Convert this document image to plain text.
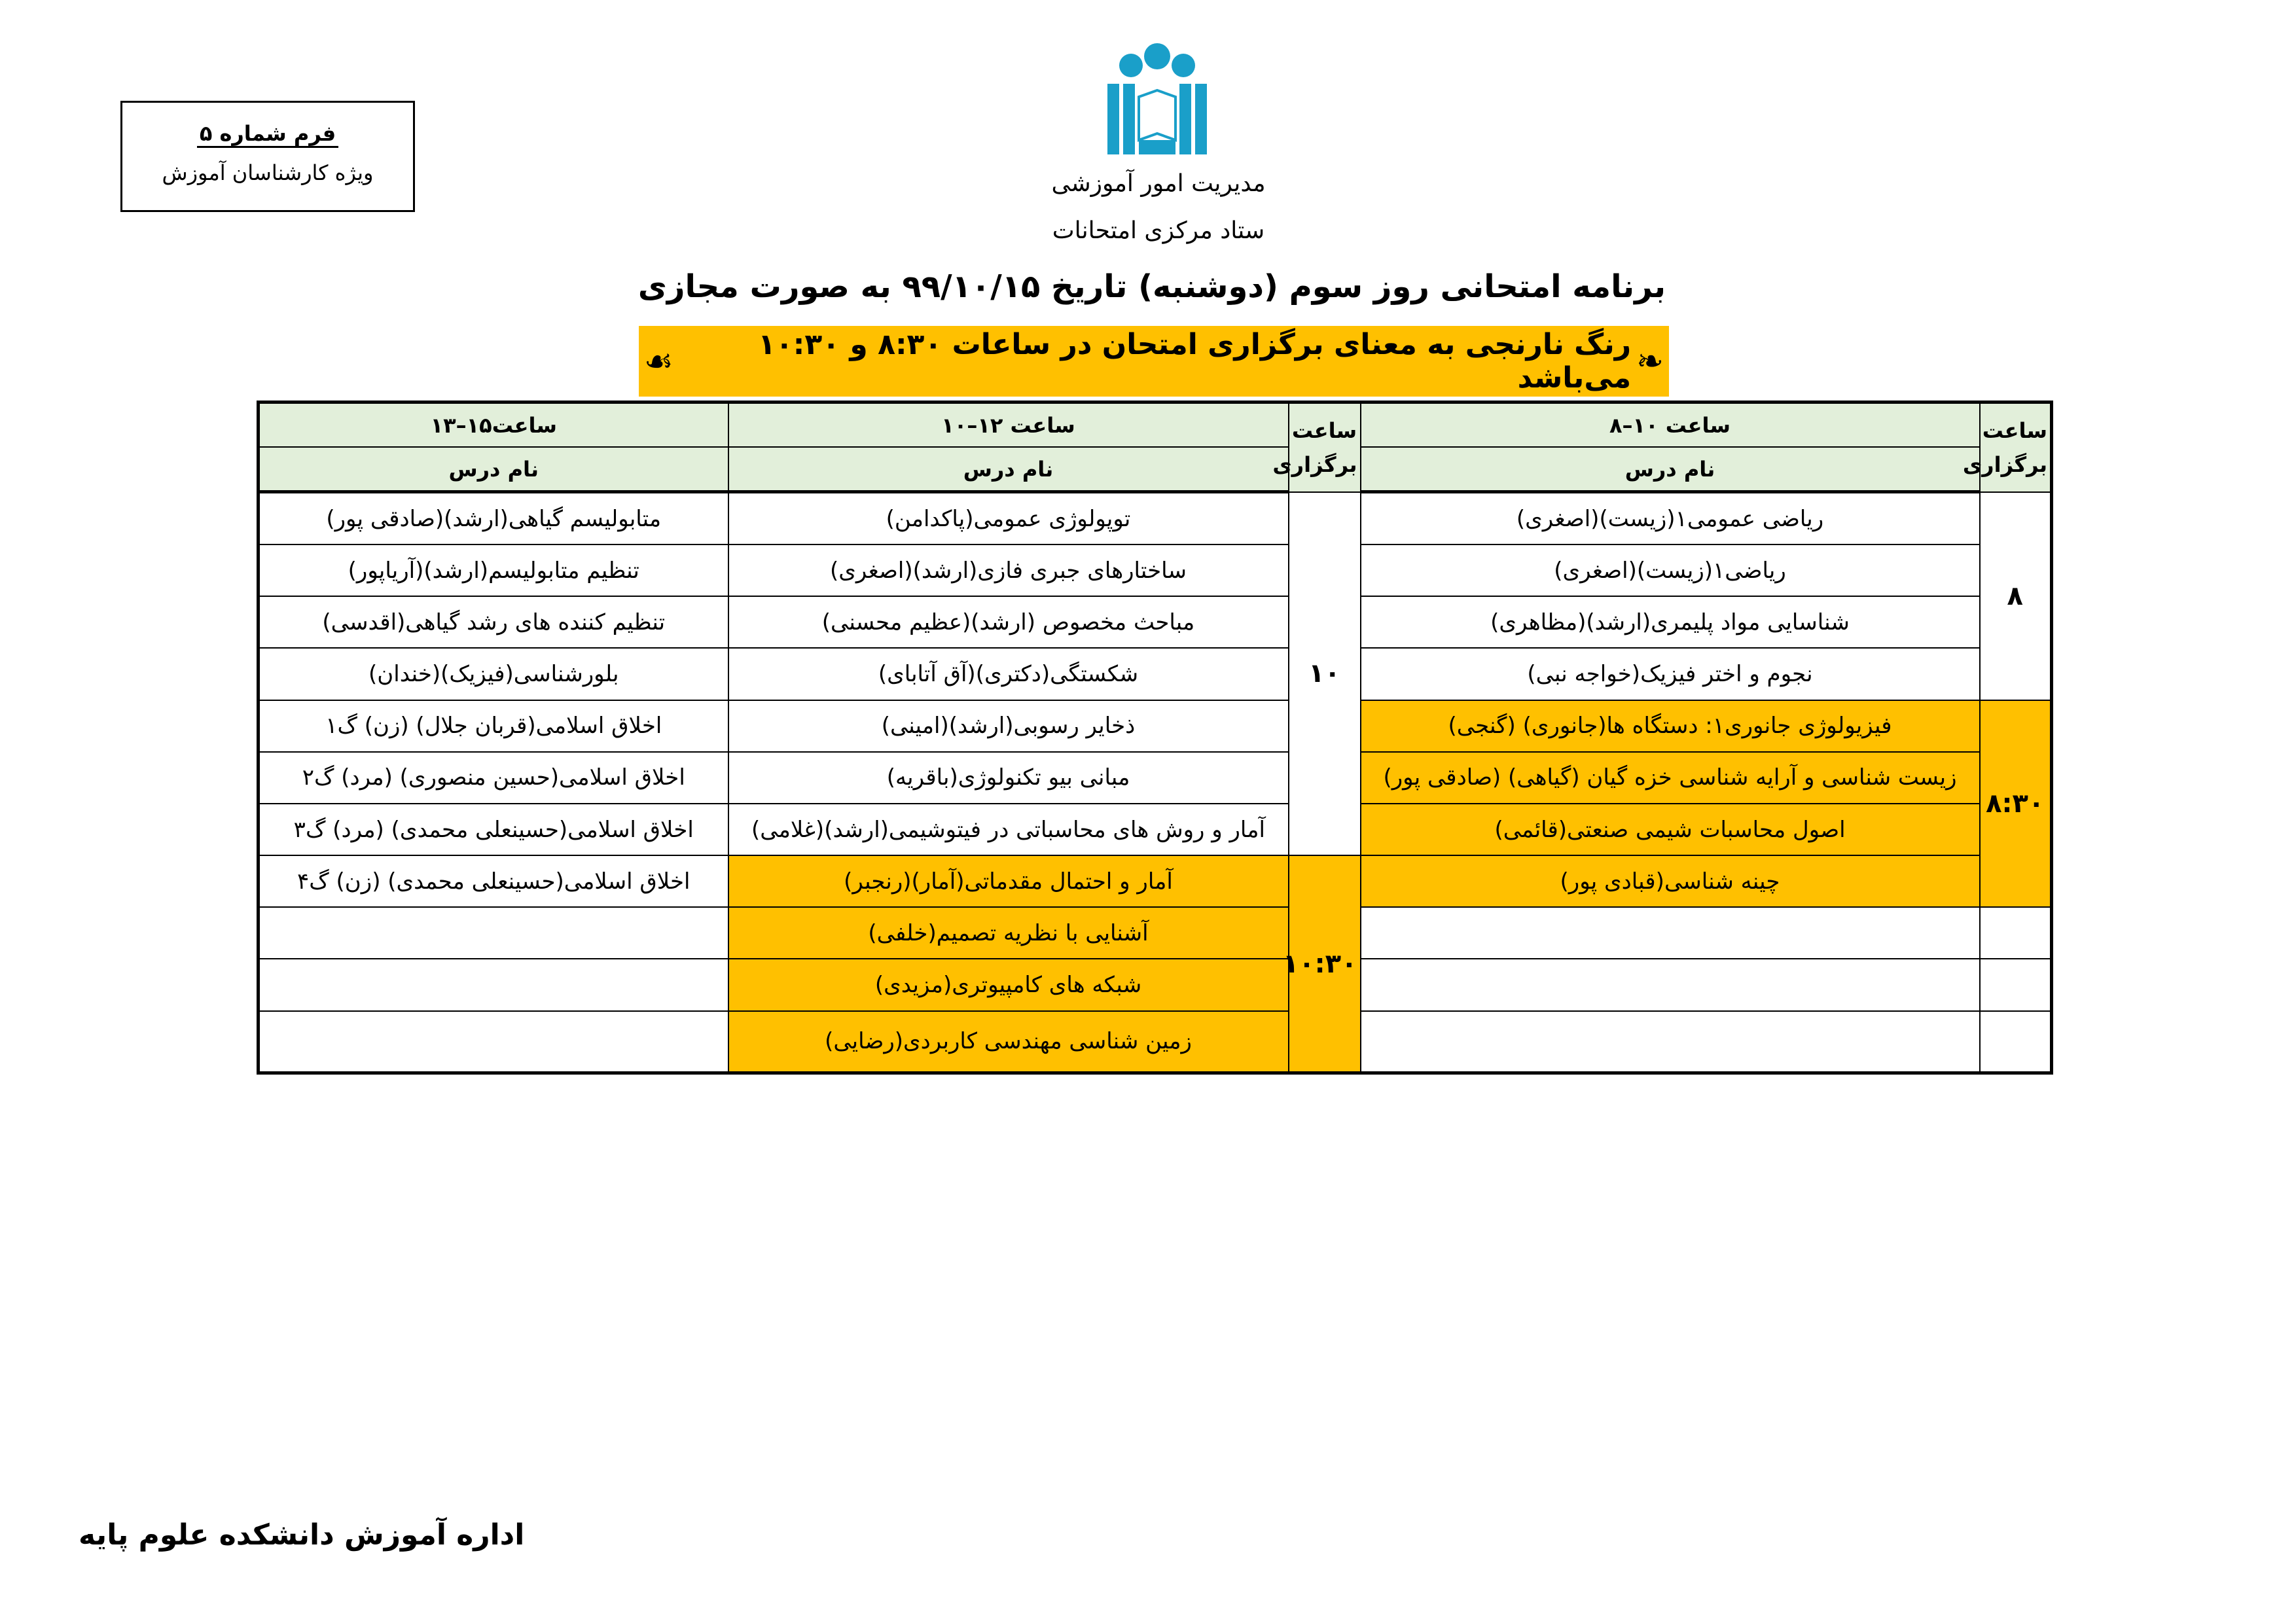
فرم شماره ۵
ویژه کارشناسان آموزش	مدیریت امور آموزشی
ستاد مرکزی امتحانات
برنامه امتحانی روز سوم (دوشنبه) تاریخ ۹۹/۱۰/۱۵ به صورت مجازی
❧
رنگ نارنجی به معنای برگزاری امتحان در ساعات ۸:۳۰ و ۱۰:۳۰ می‌باشد
☙
ساعت برگزاری	ساعت ۱۰–۸	ساعت برگزاری	ساعت ۱۲–۱۰	ساعت۱۵–۱۳
	نام درس		نام درس	نام درس
۸	ریاضی عمومی۱(زیست)(اصغری)	۱۰	توپولوژی عمومی(پاکدامن)	متابولیسم گیاهی(ارشد)(صادقی پور)
	ریاضی۱(زیست)(اصغری)		ساختارهای جبری فازی(ارشد)(اصغری)	تنظیم متابولیسم(ارشد)(آریاپور)
	شناسایی مواد پلیمری(ارشد)(مظاهری)		مباحث مخصوص (ارشد)(عظیم محسنی)	تنظیم کننده های رشد گیاهی(اقدسی)
	نجوم و اختر فیزیک(خواجه نبی)		شکستگی(دکتری)(آق آتابای)	بلورشناسی(فیزیک)(خندان)
۸:۳۰	فیزیولوژی جانوری۱: دستگاه ها(جانوری) (گنجی)		ذخایر رسوبی(ارشد)(امینی)	اخلاق اسلامی(قربان جلال) (زن) گ۱
	زیست شناسی و آرایه شناسی خزه گیان (گیاهی) (صادقی پور)		مبانی بیو تکنولوژی(باقریه)	اخلاق اسلامی(حسین منصوری) (مرد) گ۲
	اصول محاسبات شیمی صنعتی(قائمی)		آمار و روش های محاسباتی در فیتوشیمی(ارشد)(غلامی)	اخلاق اسلامی(حسینعلی محمدی) (مرد) گ۳
	چینه شناسی(قبادی پور)	۱۰:۳۰	آمار و احتمال مقدماتی(آمار)(رنجبر)	اخلاق اسلامی(حسینعلی محمدی) (زن) گ۴
			آشنایی با نظریه تصمیم(خلفی)	
			شبکه های کامپیوتری(مزیدی)	
			زمین شناسی مهندسی کاربردی(رضایی)	
اداره آموزش دانشکده علوم پایه
